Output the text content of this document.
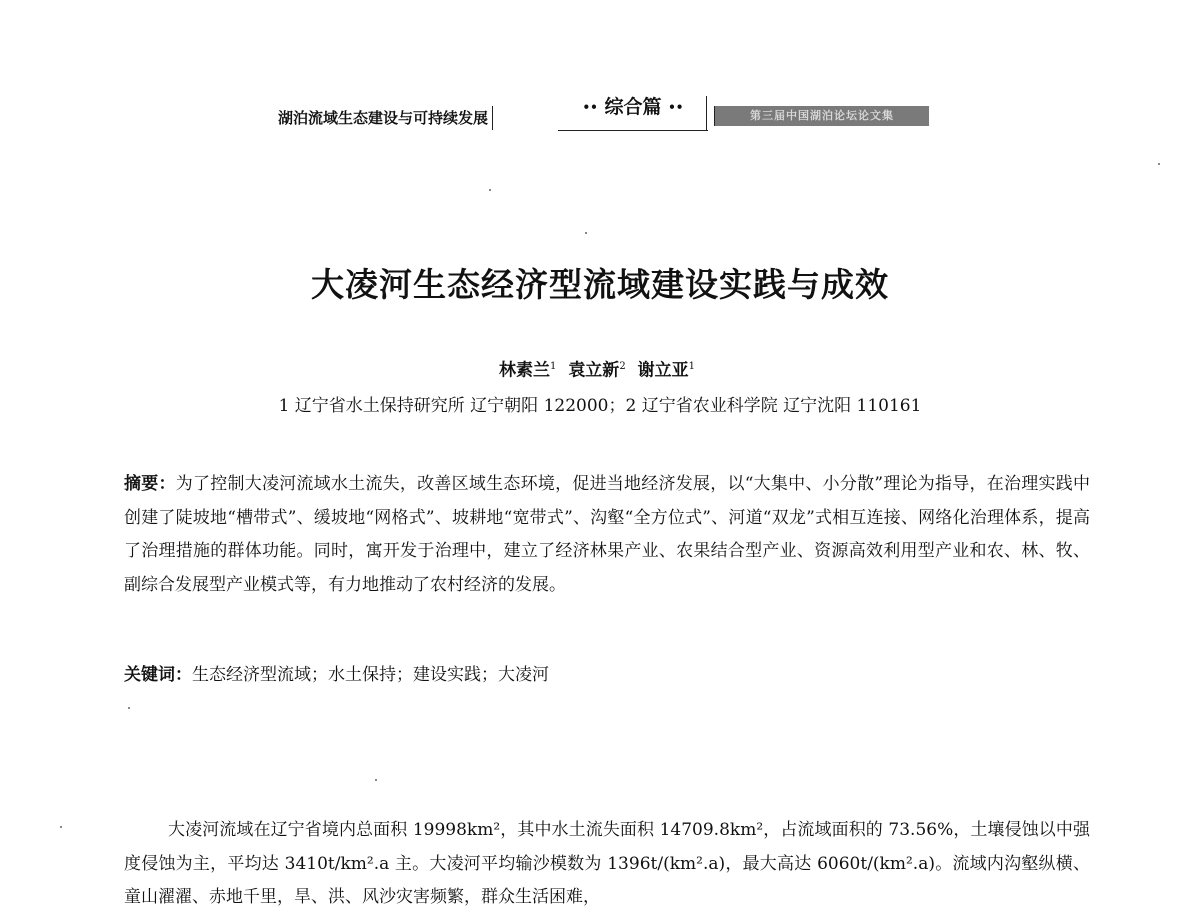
湖泊流域生态建设与可持续发展
•• 综合篇 ••
第三届中国湖泊论坛论文集
大凌河生态经济型流域建设实践与成效
林素兰$^1$ 袁立新$^2$ 谢立亚$^1$
1 辽宁省水土保持研究所 辽宁朝阳 122000；2 辽宁省农业科学院 辽宁沈阳 110161

摘要：为了控制大凌河流域水土流失，改善区域生态环境，促进当地经济发展，以“大集中、小分散”理论为指导，在治理实践中创建了陡坡地“槽带式”、缓坡地“网格式”、坡耕地“宽带式”、沟壑“全方位式”、河道“双龙”式相互连接、网络化治理体系，提高了治理措施的群体功能。同时，寓开发于治理中，建立了经济林果产业、农果结合型产业、资源高效利用型产业和农、林、牧、副综合发展型产业模式等，有力地推动了农村经济的发展。

关键词：生态经济型流域；水土保持；建设实践；大凌河

大凌河流域在辽宁省境内总面积 19998km²，其中水土流失面积 14709.8km²，占流域面积的 73.56%，土壤侵蚀以中强度侵蚀为主，平均达 3410t/km².a 主。大凌河平均输沙模数为 1396t/(km².a)，最大高达 6060t/(km².a)。流域内沟壑纵横、童山濯濯、赤地千里，旱、洪、风沙灾害频繁，群众生活困难，
